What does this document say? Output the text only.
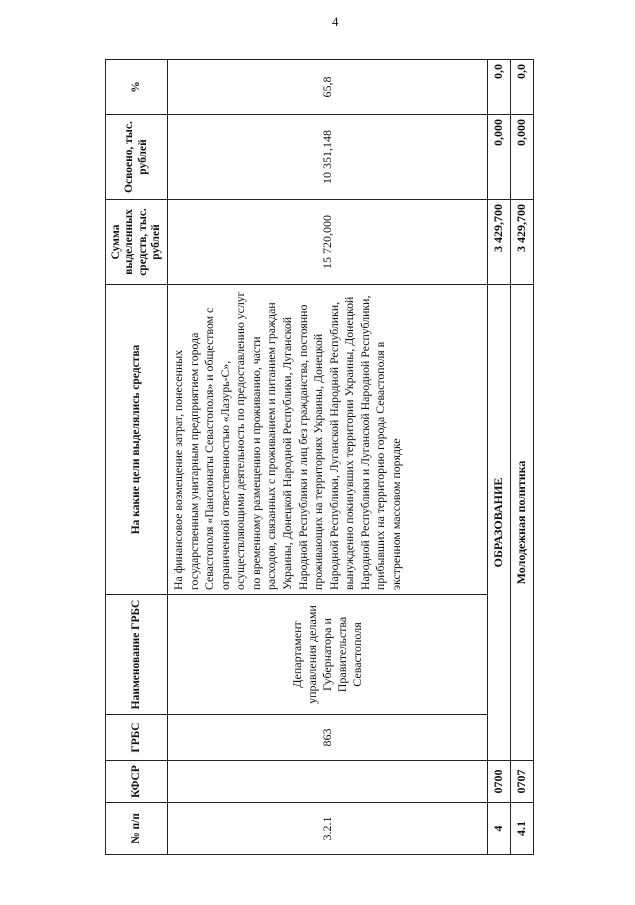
4
№ п/п	КФСР	ГРБС	Наименование ГРБС	На какие цели выделялись средства	Сумма выделенных средств, тыс. рублей	Освоено, тыс. рублей	%
3.2.1		863	Департамент управления делами Губернатора и Правительства Севастополя	На финансовое возмещение затрат, понесенных государственным унитарным предприятием города Севастополя «Пансионаты Севастополя» и обществом с ограниченной ответственностью «Лазурь-С», осуществляющими деятельность по предоставлению услуг по временному размещению и проживанию, части расходов, связанных с проживанием и питанием граждан Украины, Донецкой Народной Республики, Луганской Народной Республики и лиц без гражданства, постоянно проживающих на территориях Украины, Донецкой Народной Республики, Луганской Народной Республики, вынужденно покинувших территории Украины, Донецкой Народной Республики и Луганской Народной Республики, прибывших на территорию города Севастополя в экстренном массовом порядке	15 720,000	10 351,148	65,8
4	0700	ОБРАЗОВАНИЕ			3 429,700	0,000	0,0
4.1	0707	Молодежная политика			3 429,700	0,000	0,0
